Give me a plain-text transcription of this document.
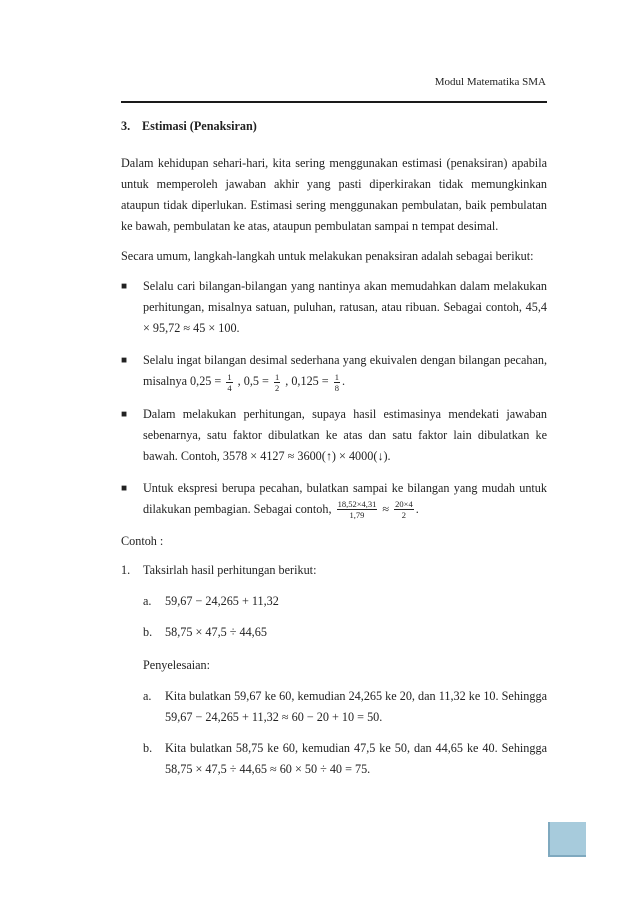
Modul Matematika SMA

3. Estimasi (Penaksiran)

Dalam kehidupan sehari-hari, kita sering menggunakan estimasi (penaksiran) apabila untuk memperoleh jawaban akhir yang pasti diperkirakan tidak memungkinkan ataupun tidak diperlukan. Estimasi sering menggunakan pembulatan, baik pembulatan ke bawah, pembulatan ke atas, ataupun pembulatan sampai n tempat desimal.

Secara umum, langkah-langkah untuk melakukan penaksiran adalah sebagai berikut:

■ Selalu cari bilangan-bilangan yang nantinya akan memudahkan dalam melakukan perhitungan, misalnya satuan, puluhan, ratusan, atau ribuan. Sebagai contoh, 45,4 × 95,72 ≈ 45 × 100.
■ Selalu ingat bilangan desimal sederhana yang ekuivalen dengan bilangan pecahan, misalnya $0,25 = \frac{1}{4}$ , $0,5 = \frac{1}{2}$ , $0,125 = \frac{1}{8}$ .
■ Dalam melakukan perhitungan, supaya hasil estimasinya mendekati jawaban sebenarnya, satu faktor dibulatkan ke atas dan satu faktor lain dibulatkan ke bawah. Contoh, 3578 × 4127 ≈ 3600(↑) × 4000(↓).
■ Untuk ekspresi berupa pecahan, bulatkan sampai ke bilangan yang mudah untuk dilakukan pembagian. Sebagai contoh, $\frac{18,52\times 4,31}{1,79} \approx \frac{20\times 4}{2}$ .

Contoh :

1. Taksirlah hasil perhitungan berikut:
a. 59,67 − 24,265 + 11,32
b. 58,75 × 47,5 ÷ 44,65
Penyelesaian:
a. Kita bulatkan 59,67 ke 60, kemudian 24,265 ke 20, dan 11,32 ke 10. Sehingga 59,67 − 24,265 + 11,32 ≈ 60 − 20 + 10 = 50.
b. Kita bulatkan 58,75 ke 60, kemudian 47,5 ke 50, dan 44,65 ke 40. Sehingga 58,75 × 47,5 ÷ 44,65 ≈ 60 × 50 ÷ 40 = 75.
